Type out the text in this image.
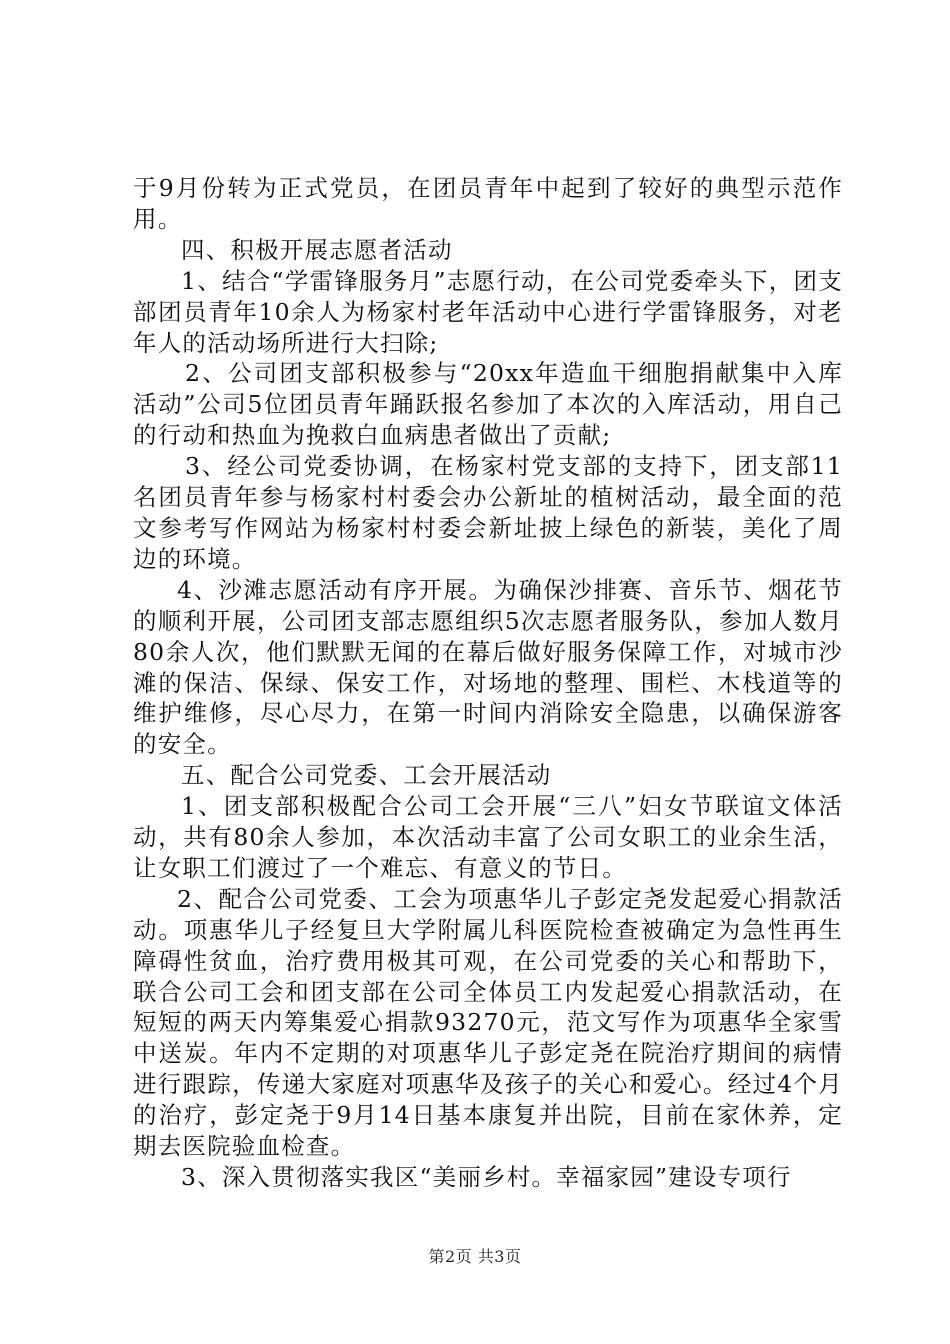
于9月份转为正式党员，在团员青年中起到了较好的典型示范作用。

四、积极开展志愿者活动

1、结合“学雷锋服务月”志愿行动，在公司党委牵头下，团支部团员青年10余人为杨家村老年活动中心进行学雷锋服务，对老年人的活动场所进行大扫除;

2、公司团支部积极参与“20xx年造血干细胞捐献集中入库活动”公司5位团员青年踊跃报名参加了本次的入库活动，用自己的行动和热血为挽救白血病患者做出了贡献;

3、经公司党委协调，在杨家村党支部的支持下，团支部11名团员青年参与杨家村村委会办公新址的植树活动，最全面的范文参考写作网站为杨家村村委会新址披上绿色的新装，美化了周边的环境。

4、沙滩志愿活动有序开展。为确保沙排赛、音乐节、烟花节的顺利开展，公司团支部志愿组织5次志愿者服务队，参加人数月80余人次，他们默默无闻的在幕后做好服务保障工作，对城市沙滩的保洁、保绿、保安工作，对场地的整理、围栏、木栈道等的维护维修，尽心尽力，在第一时间内消除安全隐患，以确保游客的安全。

五、配合公司党委、工会开展活动

1、团支部积极配合公司工会开展“三八”妇女节联谊文体活动，共有80余人参加，本次活动丰富了公司女职工的业余生活，让女职工们渡过了一个难忘、有意义的节日。

2、配合公司党委、工会为项惠华儿子彭定尧发起爱心捐款活动。项惠华儿子经复旦大学附属儿科医院检查被确定为急性再生障碍性贫血，治疗费用极其可观，在公司党委的关心和帮助下，联合公司工会和团支部在公司全体员工内发起爱心捐款活动，在短短的两天内筹集爱心捐款93270元，范文写作为项惠华全家雪中送炭。年内不定期的对项惠华儿子彭定尧在院治疗期间的病情进行跟踪，传递大家庭对项惠华及孩子的关心和爱心。经过4个月的治疗，彭定尧于9月14日基本康复并出院，目前在家休养，定期去医院验血检查。

3、深入贯彻落实我区“美丽乡村。幸福家园”建设专项行

第2页 共3页
